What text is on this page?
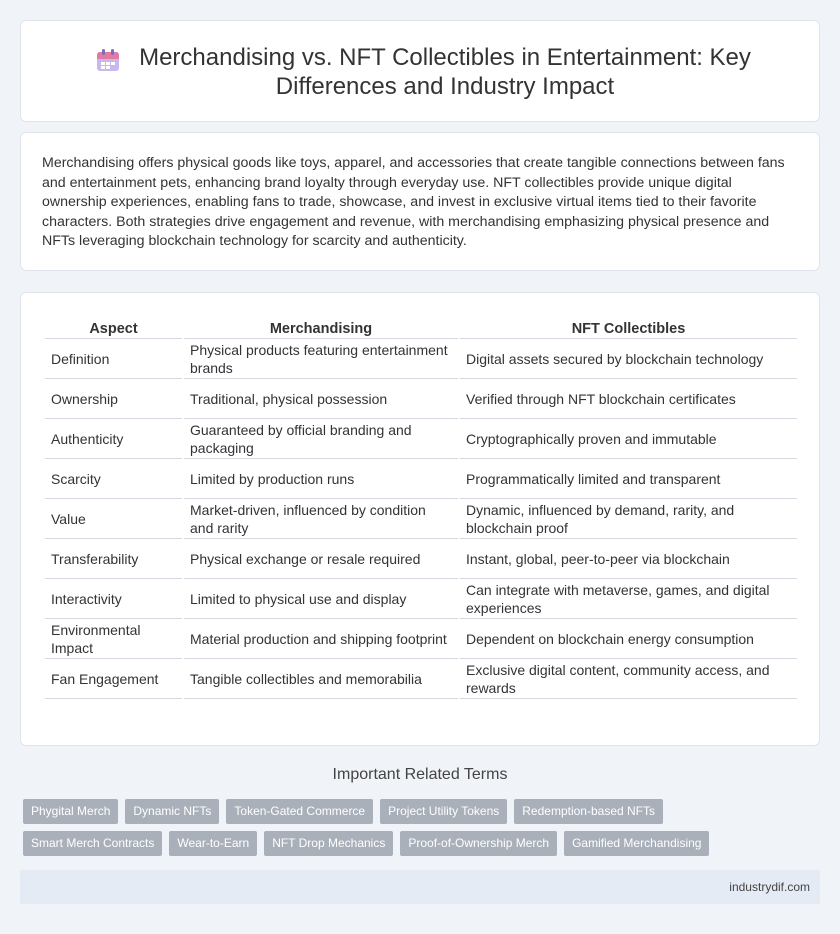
Merchandising vs. NFT Collectibles in Entertainment: Key Differences and Industry Impact

Merchandising offers physical goods like toys, apparel, and accessories that create tangible connections between fans and entertainment pets, enhancing brand loyalty through everyday use. NFT collectibles provide unique digital ownership experiences, enabling fans to trade, showcase, and invest in exclusive virtual items tied to their favorite characters. Both strategies drive engagement and revenue, with merchandising emphasizing physical presence and NFTs leveraging blockchain technology for scarcity and authenticity.

Aspect	Merchandising	NFT Collectibles
Definition	Physical products featuring entertainment brands	Digital assets secured by blockchain technology
Ownership	Traditional, physical possession	Verified through NFT blockchain certificates
Authenticity	Guaranteed by official branding and packaging	Cryptographically proven and immutable
Scarcity	Limited by production runs	Programmatically limited and transparent
Value	Market-driven, influenced by condition and rarity	Dynamic, influenced by demand, rarity, and blockchain proof
Transferability	Physical exchange or resale required	Instant, global, peer-to-peer via blockchain
Interactivity	Limited to physical use and display	Can integrate with metaverse, games, and digital experiences
Environmental Impact	Material production and shipping footprint	Dependent on blockchain energy consumption
Fan Engagement	Tangible collectibles and memorabilia	Exclusive digital content, community access, and rewards
Important Related Terms
Phygital Merch	Dynamic NFTs	Token-Gated Commerce	Project Utility Tokens	Redemption-based NFTs
Smart Merch Contracts	Wear-to-Earn	NFT Drop Mechanics	Proof-of-Ownership Merch	Gamified Merchandising
industrydif.com
